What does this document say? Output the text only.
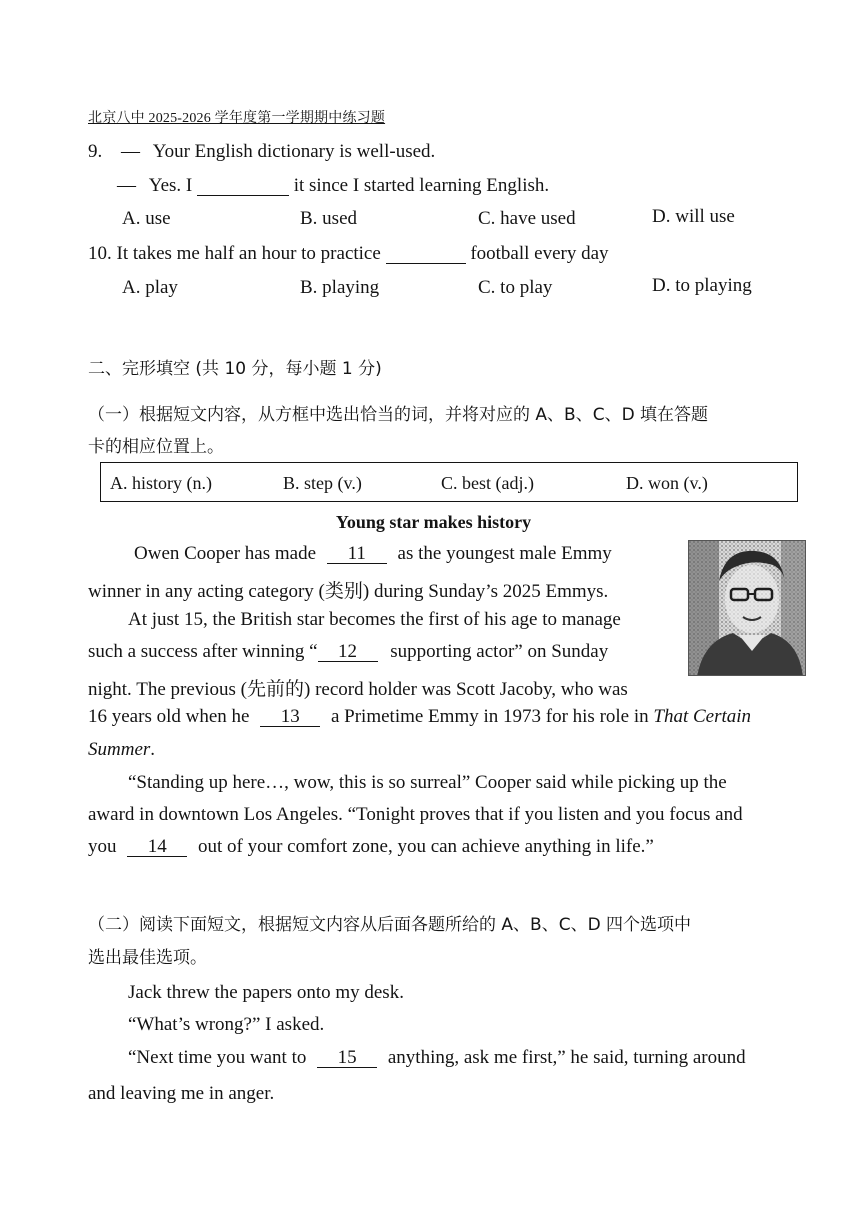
北京八中 2025-2026 学年度第一学期期中练习题
9. — Your English dictionary is well-used.
— Yes. I	it since I started learning English.
A. use	B. used	C. have used	D. will use
10. It takes me half an hour to practice	football every day
A. play	B. playing	C. to play	D. to playing
二、完形填空 (共 10 分，每小题 1 分)
（一）根据短文内容，从方框中选出恰当的词，并将对应的 A、B、C、D 填在答题
卡的相应位置上。
A. history (n.)	B. step (v.)	C. best (adj.)	D. won (v.)
Young star makes history
Owen Cooper has made 11 as the youngest male Emmy
winner in any acting category (类别) during Sunday’s 2025 Emmys.
At just 15, the British star becomes the first of his age to manage
such a success after winning “ 12 supporting actor” on Sunday
night. The previous (先前的) record holder was Scott Jacoby, who was
16 years old when he 13 a Primetime Emmy in 1973 for his role in That Certain
Summer.
“Standing up here…, wow, this is so surreal” Cooper said while picking up the
award in downtown Los Angeles. “Tonight proves that if you listen and you focus and
you 14 out of your comfort zone, you can achieve anything in life.”
（二）阅读下面短文，根据短文内容从后面各题所给的 A、B、C、D 四个选项中
选出最佳选项。
Jack threw the papers onto my desk.
“What’s wrong?” I asked.
“Next time you want to 15 anything, ask me first,” he said, turning around
and leaving me in anger.
